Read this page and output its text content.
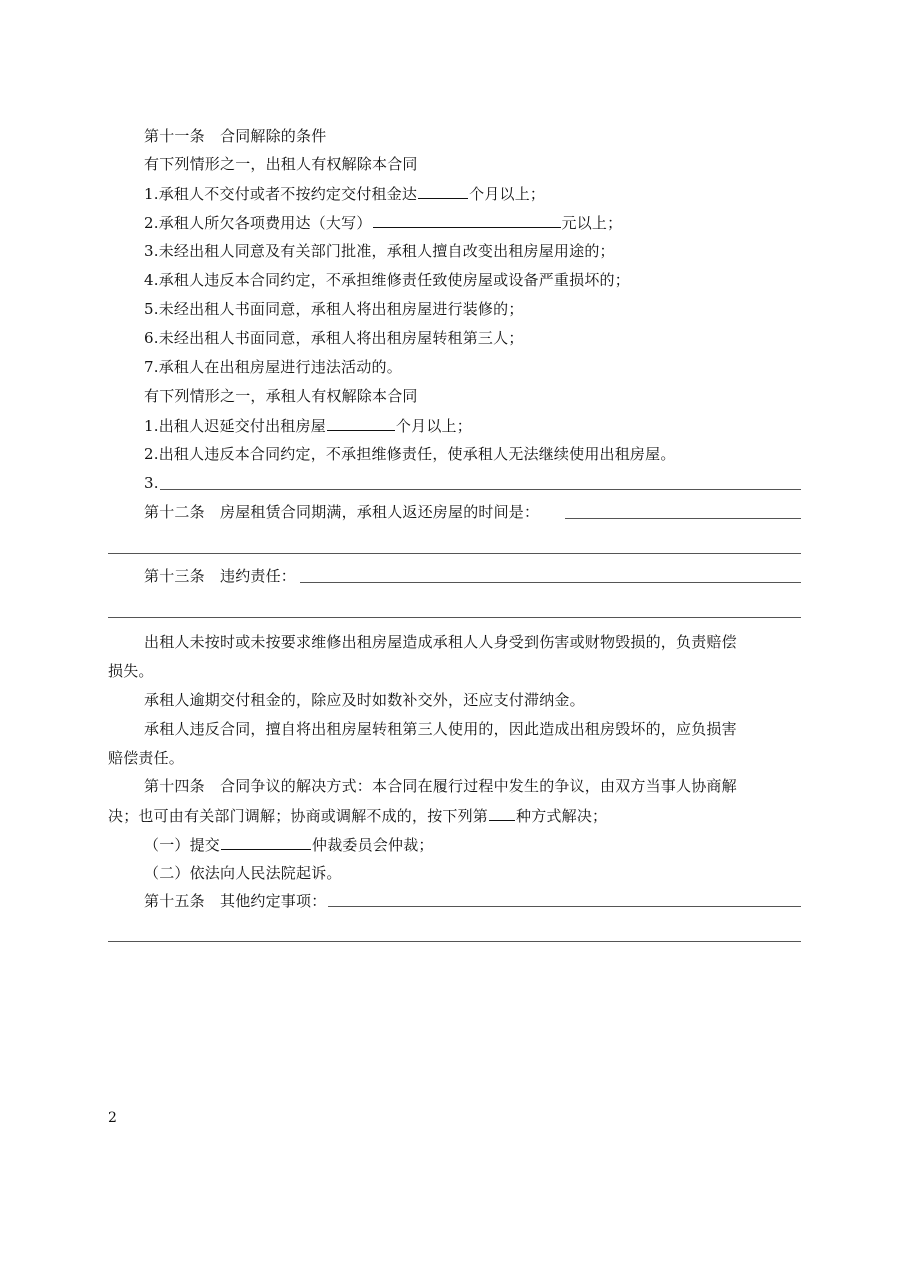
第十一条　合同解除的条件
有下列情形之一，出租人有权解除本合同
1.承租人不交付或者不按约定交付租金达	个月以上；
2.承租人所欠各项费用达（大写）	元以上；
3.未经出租人同意及有关部门批准，承租人擅自改变出租房屋用途的；
4.承租人违反本合同约定，不承担维修责任致使房屋或设备严重损坏的；
5.未经出租人书面同意，承租人将出租房屋进行装修的；
6.未经出租人书面同意，承租人将出租房屋转租第三人；
7.承租人在出租房屋进行违法活动的。
有下列情形之一，承租人有权解除本合同
1.出租人迟延交付出租房屋	个月以上；
2.出租人违反本合同约定，不承担维修责任，使承租人无法继续使用出租房屋。
3.
第十二条　房屋租赁合同期满，承租人返还房屋的时间是：
第十三条　违约责任：
出租人未按时或未按要求维修出租房屋造成承租人人身受到伤害或财物毁损的，负责赔偿
损失。
承租人逾期交付租金的，除应及时如数补交外，还应支付滞纳金。
承租人违反合同，擅自将出租房屋转租第三人使用的，因此造成出租房毁坏的，应负损害
赔偿责任。
第十四条　合同争议的解决方式：本合同在履行过程中发生的争议，由双方当事人协商解
决；也可由有关部门调解；协商或调解不成的，按下列第 种方式解决；
（一）提交	仲裁委员会仲裁；
（二）依法向人民法院起诉。
第十五条　其他约定事项：
2
